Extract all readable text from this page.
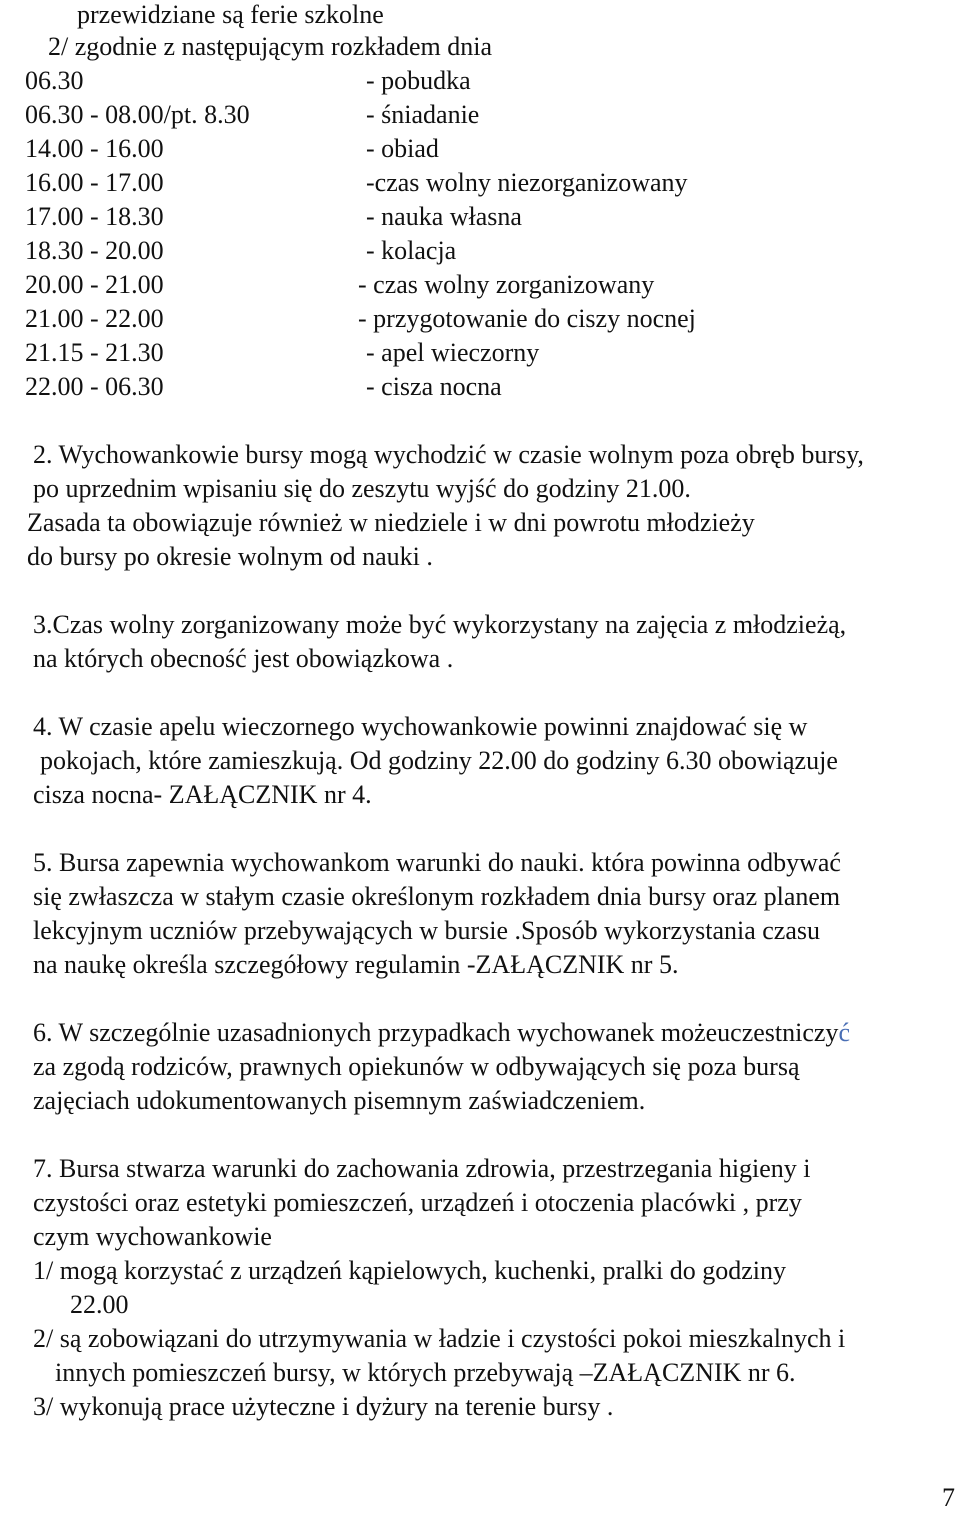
przewidziane są ferie szkolne
2/ zgodnie z następującym rozkładem dnia
06.30	- pobudka
06.30 - 08.00/pt. 8.30	- śniadanie
14.00 - 16.00	- obiad
16.00 - 17.00	-czas wolny niezorganizowany
17.00 - 18.30	- nauka własna
18.30 - 20.00	- kolacja
20.00 - 21.00	- czas wolny zorganizowany
21.00 - 22.00	- przygotowanie do ciszy nocnej
21.15 - 21.30	- apel wieczorny
22.00 - 06.30	- cisza nocna
2. Wychowankowie bursy mogą wychodzić w czasie wolnym poza obręb bursy,
po uprzednim wpisaniu się do zeszytu wyjść do godziny 21.00.
Zasada ta obowiązuje również w niedziele i w dni powrotu młodzieży
do bursy po okresie wolnym od nauki .
3.Czas wolny zorganizowany może być wykorzystany na zajęcia z młodzieżą,
na których obecność jest obowiązkowa .
4. W czasie apelu wieczornego wychowankowie powinni znajdować się w
pokojach, które zamieszkują. Od godziny 22.00 do godziny 6.30 obowiązuje
cisza nocna- ZAŁĄCZNIK nr 4.
5. Bursa zapewnia wychowankom warunki do nauki. która powinna odbywać
się zwłaszcza w stałym czasie określonym rozkładem dnia bursy oraz planem
lekcyjnym uczniów przebywających w bursie .Sposób wykorzystania czasu
na naukę określa szczegółowy regulamin -ZAŁĄCZNIK nr 5.
6. W szczególnie uzasadnionych przypadkach wychowanek możeuczestniczyć
za zgodą rodziców, prawnych opiekunów w odbywających się poza bursą
zajęciach udokumentowanych pisemnym zaświadczeniem.
7. Bursa stwarza warunki do zachowania zdrowia, przestrzegania higieny i
czystości oraz estetyki pomieszczeń, urządzeń i otoczenia placówki , przy
czym wychowankowie
1/ mogą korzystać z urządzeń kąpielowych, kuchenki, pralki do godziny
22.00
2/ są zobowiązani do utrzymywania w ładzie i czystości pokoi mieszkalnych i
innych pomieszczeń bursy, w których przebywają –ZAŁĄCZNIK nr 6.
3/ wykonują prace użyteczne i dyżury na terenie bursy .
7
